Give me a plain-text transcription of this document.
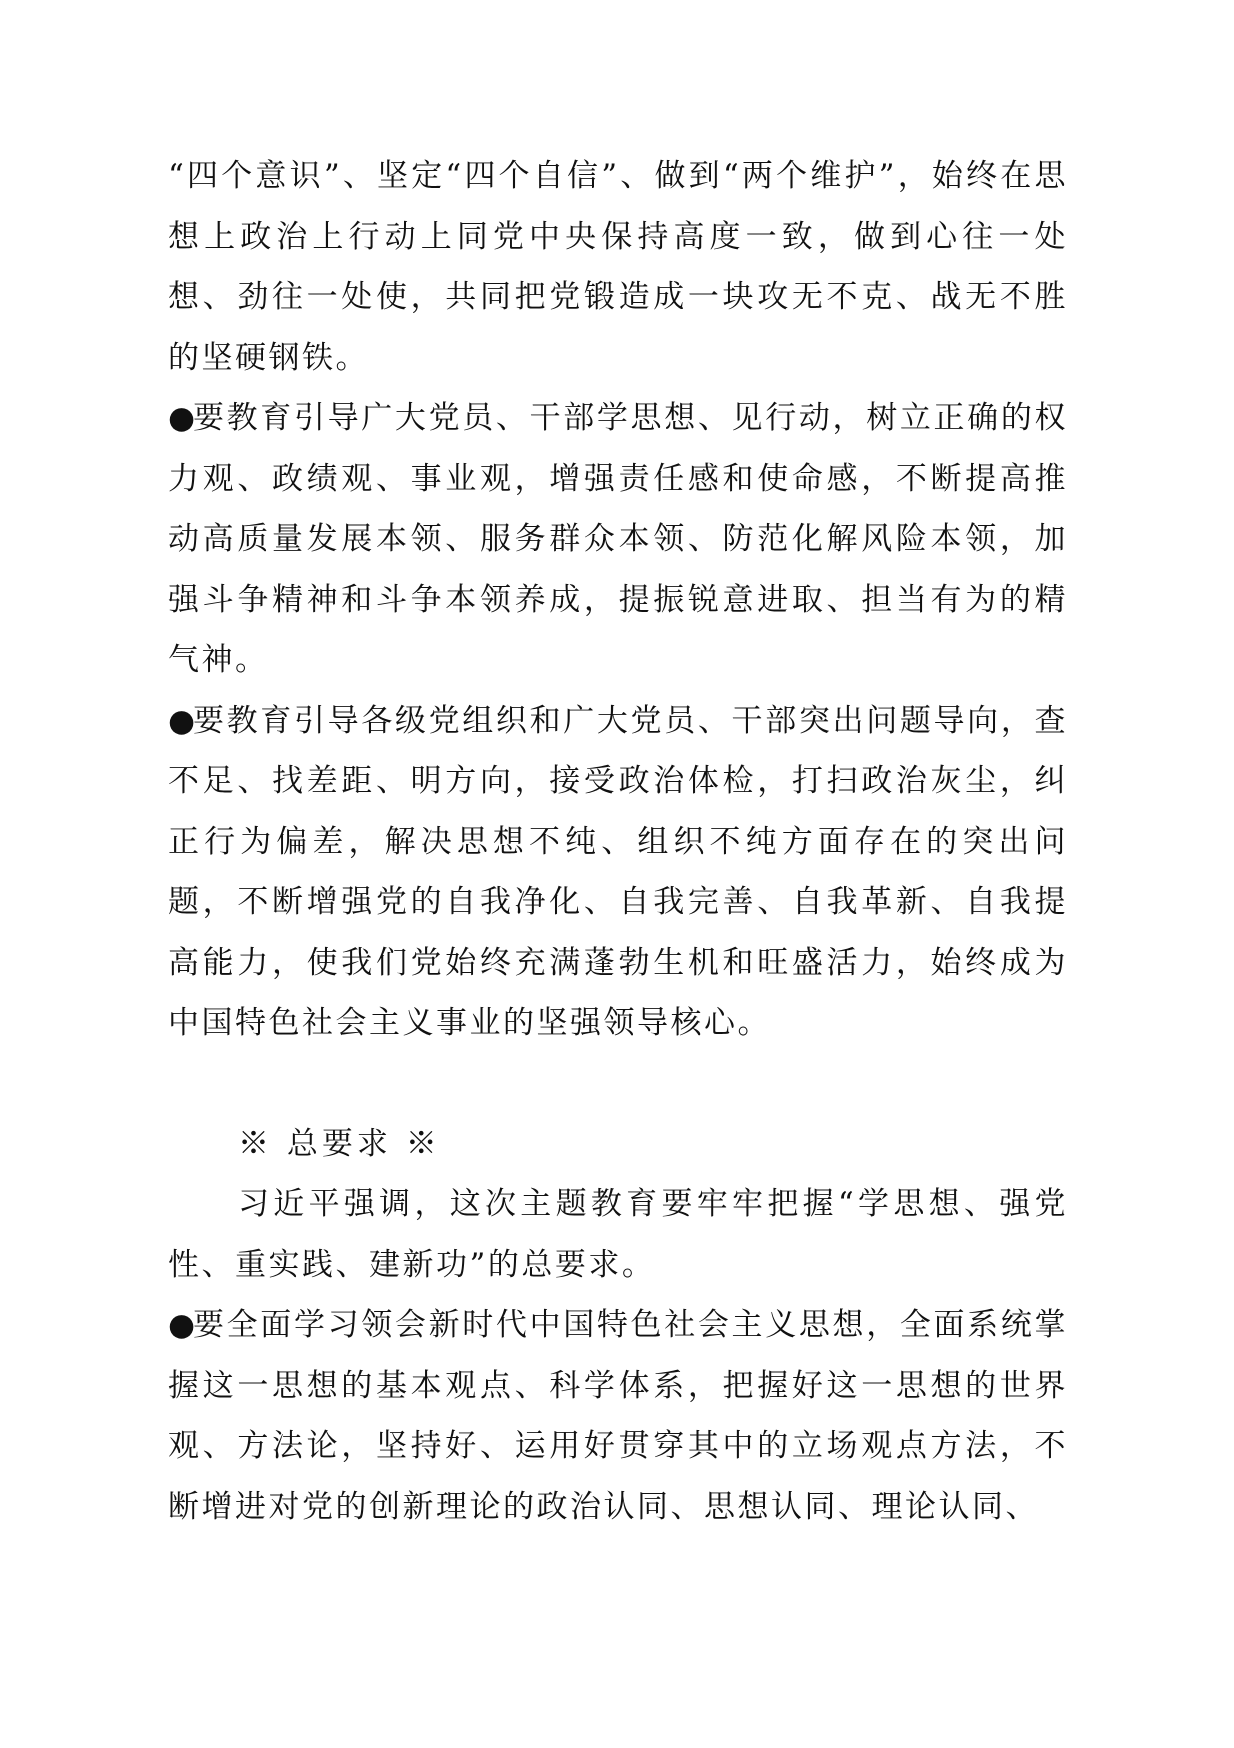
“四个意识”、坚定“四个自信”、做到“两个维护”，始终在思想上政治上行动上同党中央保持高度一致，做到心往一处想、劲往一处使，共同把党锻造成一块攻无不克、战无不胜的坚硬钢铁。

●要教育引导广大党员、干部学思想、见行动，树立正确的权力观、政绩观、事业观，增强责任感和使命感，不断提高推动高质量发展本领、服务群众本领、防范化解风险本领，加强斗争精神和斗争本领养成，提振锐意进取、担当有为的精气神。

●要教育引导各级党组织和广大党员、干部突出问题导向，查不足、找差距、明方向，接受政治体检，打扫政治灰尘，纠正行为偏差，解决思想不纯、组织不纯方面存在的突出问题，不断增强党的自我净化、自我完善、自我革新、自我提高能力，使我们党始终充满蓬勃生机和旺盛活力，始终成为中国特色社会主义事业的坚强领导核心。

※ 总要求 ※

习近平强调，这次主题教育要牢牢把握“学思想、强党性、重实践、建新功”的总要求。

●要全面学习领会新时代中国特色社会主义思想，全面系统掌握这一思想的基本观点、科学体系，把握好这一思想的世界观、方法论，坚持好、运用好贯穿其中的立场观点方法，不断增进对党的创新理论的政治认同、思想认同、理论认同、
